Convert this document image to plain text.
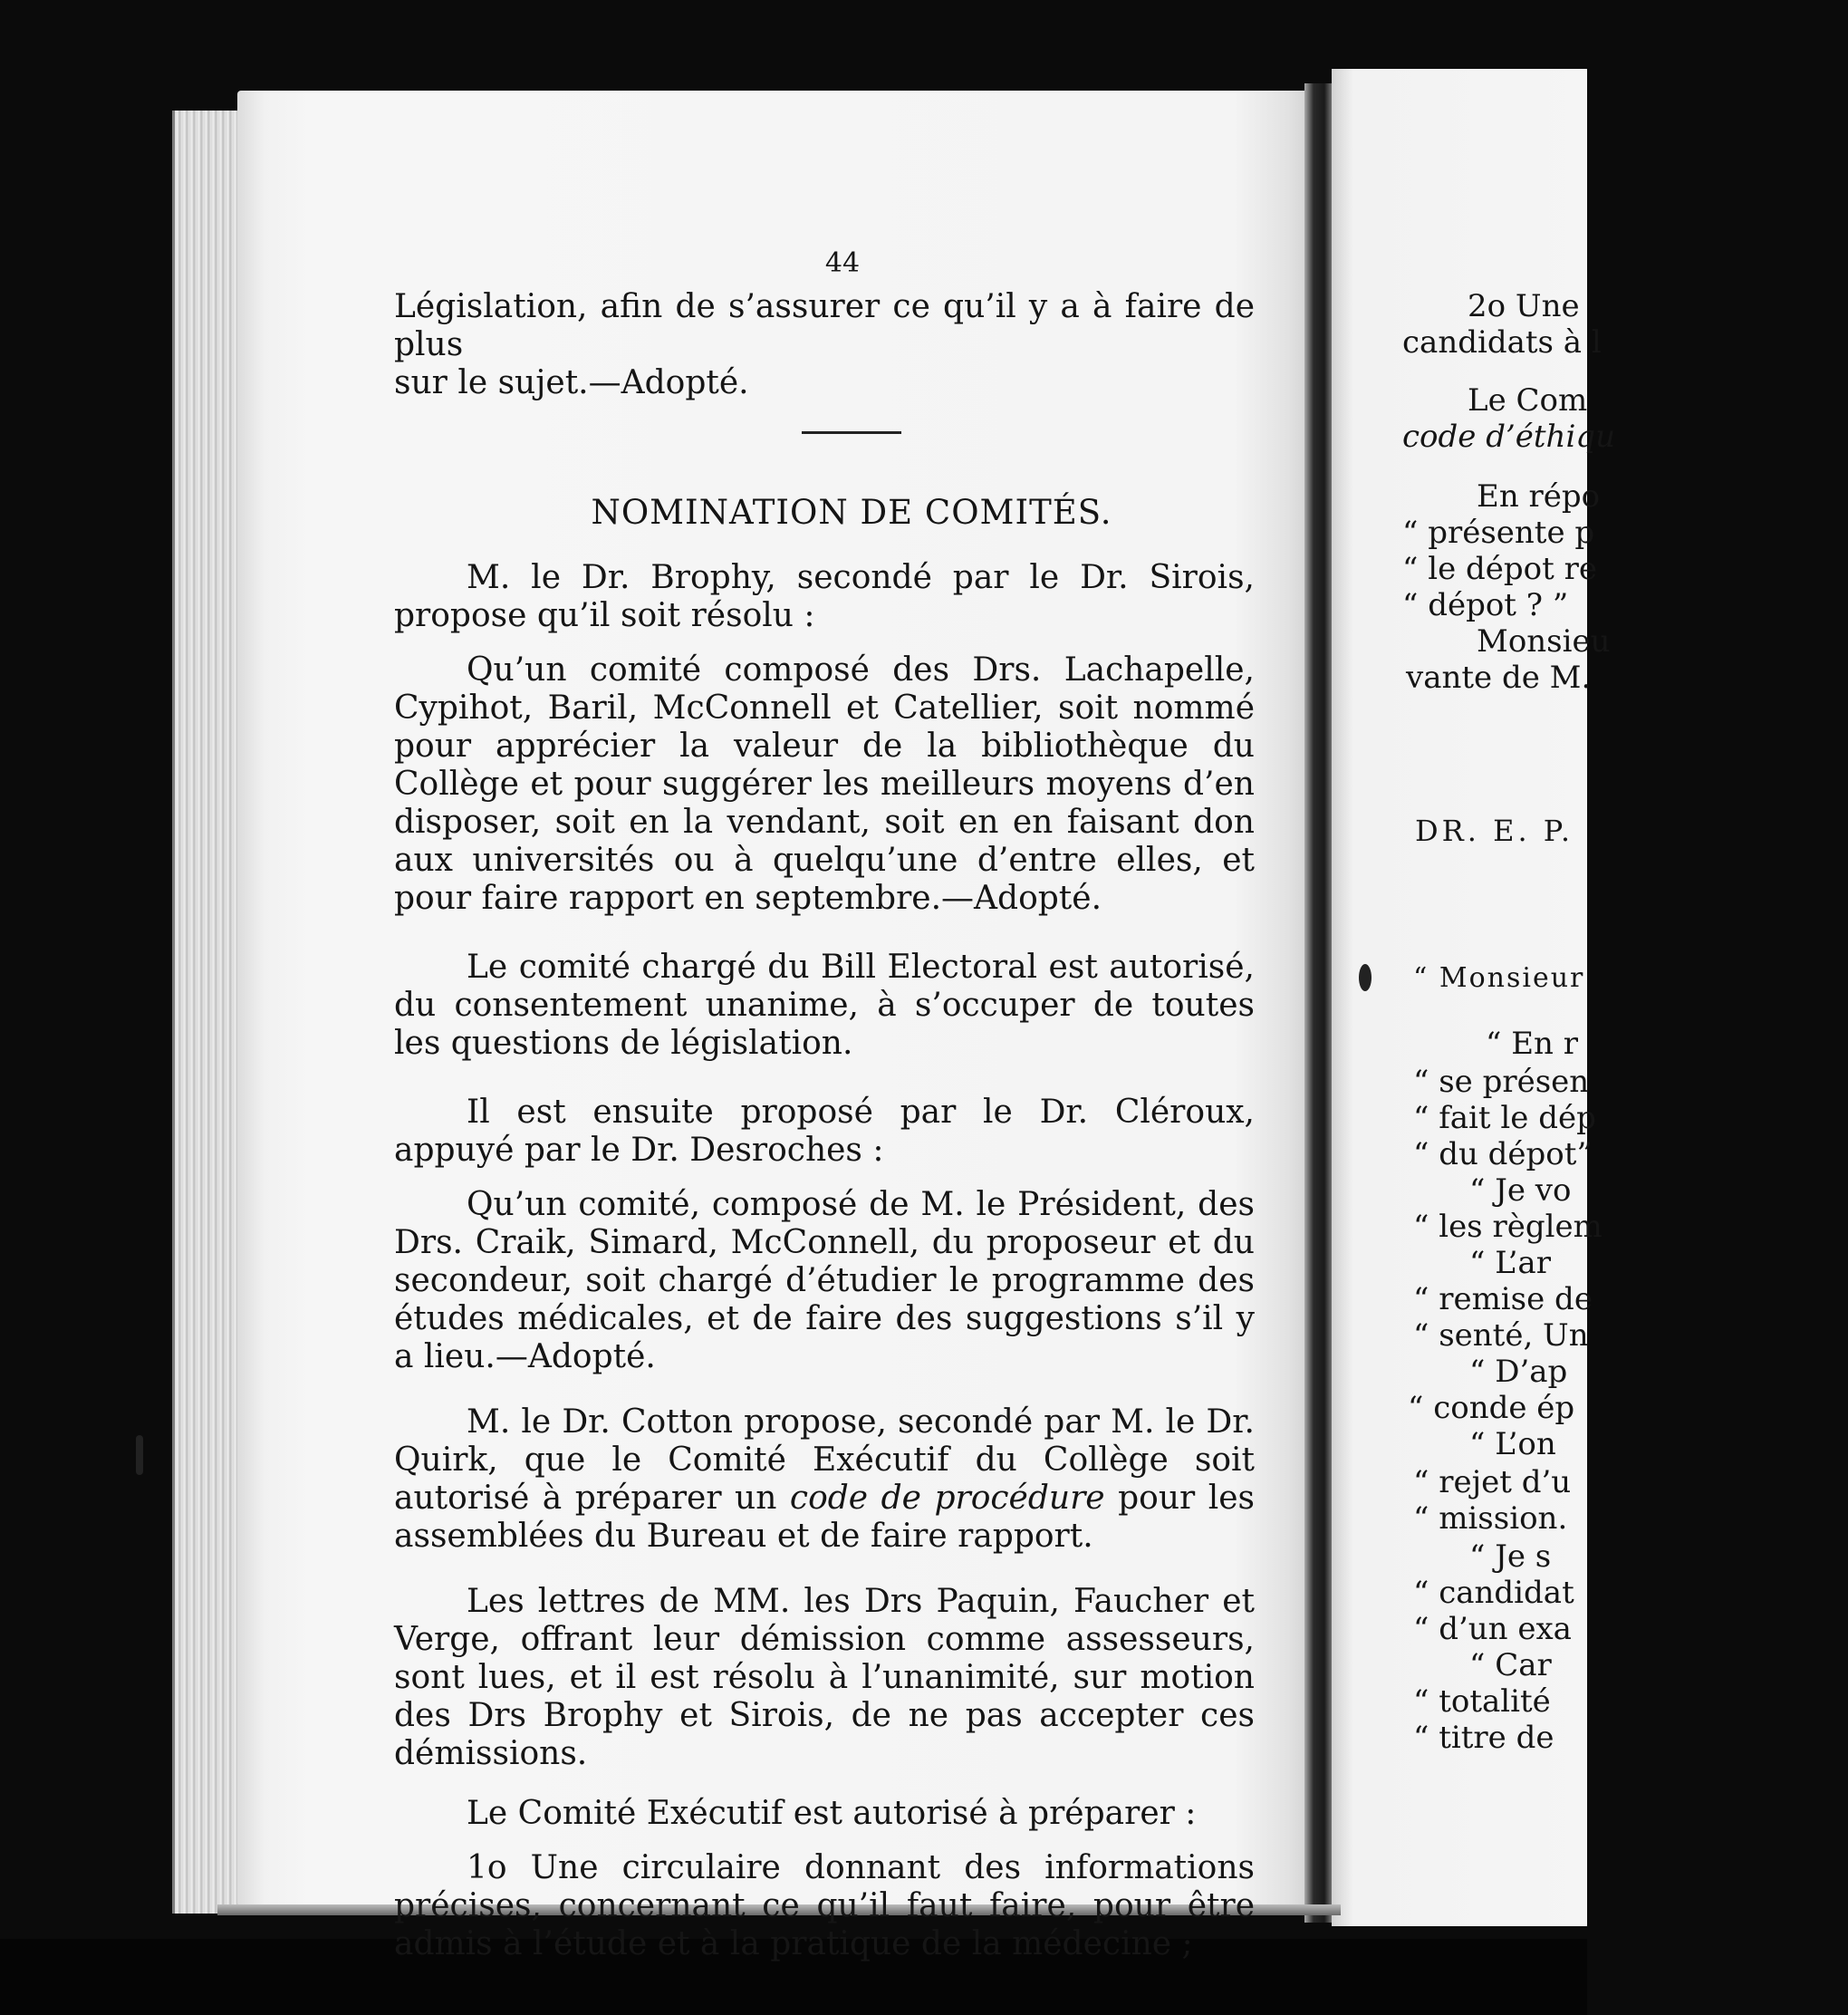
44
Législation, afin de s’assurer ce qu’il y a à faire de plus
sur le sujet.—Adopté.
NOMINATION DE COMITÉS.

M. le Dr. Brophy, secondé par le Dr. Sirois, propose qu’il soit résolu :

Qu’un comité composé des Drs. Lachapelle, Cypihot, Baril, McConnell et Catellier, soit nommé pour apprécier la valeur de la bibliothèque du Collège et pour suggérer les meilleurs moyens d’en disposer, soit en la vendant, soit en en faisant don aux universités ou à quelqu’une d’entre elles, et pour faire rapport en septembre.—Adopté.

Le comité chargé du Bill Electoral est autorisé, du consentement unanime, à s’occuper de toutes les questions de législation.

Il est ensuite proposé par le Dr. Cléroux, appuyé par le Dr. Desroches :

Qu’un comité, composé de M. le Président, des Drs. Craik, Simard, McConnell, du proposeur et du secondeur, soit chargé d’étudier le programme des études médicales, et de faire des suggestions s’il y a lieu.—Adopté.

M. le Dr. Cotton propose, secondé par M. le Dr. Quirk, que le Comité Exécutif du Collège soit autorisé à préparer un code de procédure pour les assemblées du Bureau et de faire rapport.

Les lettres de MM. les Drs Paquin, Faucher et Verge, offrant leur démission comme assesseurs, sont lues, et il est résolu à l’unanimité, sur motion des Drs Brophy et Sirois, de ne pas accepter ces démissions.

Le Comité Exécutif est autorisé à préparer :

1o Une circulaire donnant des informations précises, concernant ce qu’il faut faire, pour être admis à l’étude et à la pratique de la médecine ;

2o Une
candidats à l
Le Com
code d’éthiqu
En répo
“ présente p
“ le dépot re
“ dépot ? ”
Monsieu
vante de M.
DR. E. P.
“ Monsieur
“ En r
“ se présen
“ fait le dép
“ du dépot”
“ Je vo
“ les règlem
“ L’ar
“ remise de
“ senté, Un
“ D’ap
“ conde ép
“ L’on
“ rejet d’u
“ mission.
“ Je s
“ candidat
“ d’un exa
“ Car
“ totalité
“ titre de
